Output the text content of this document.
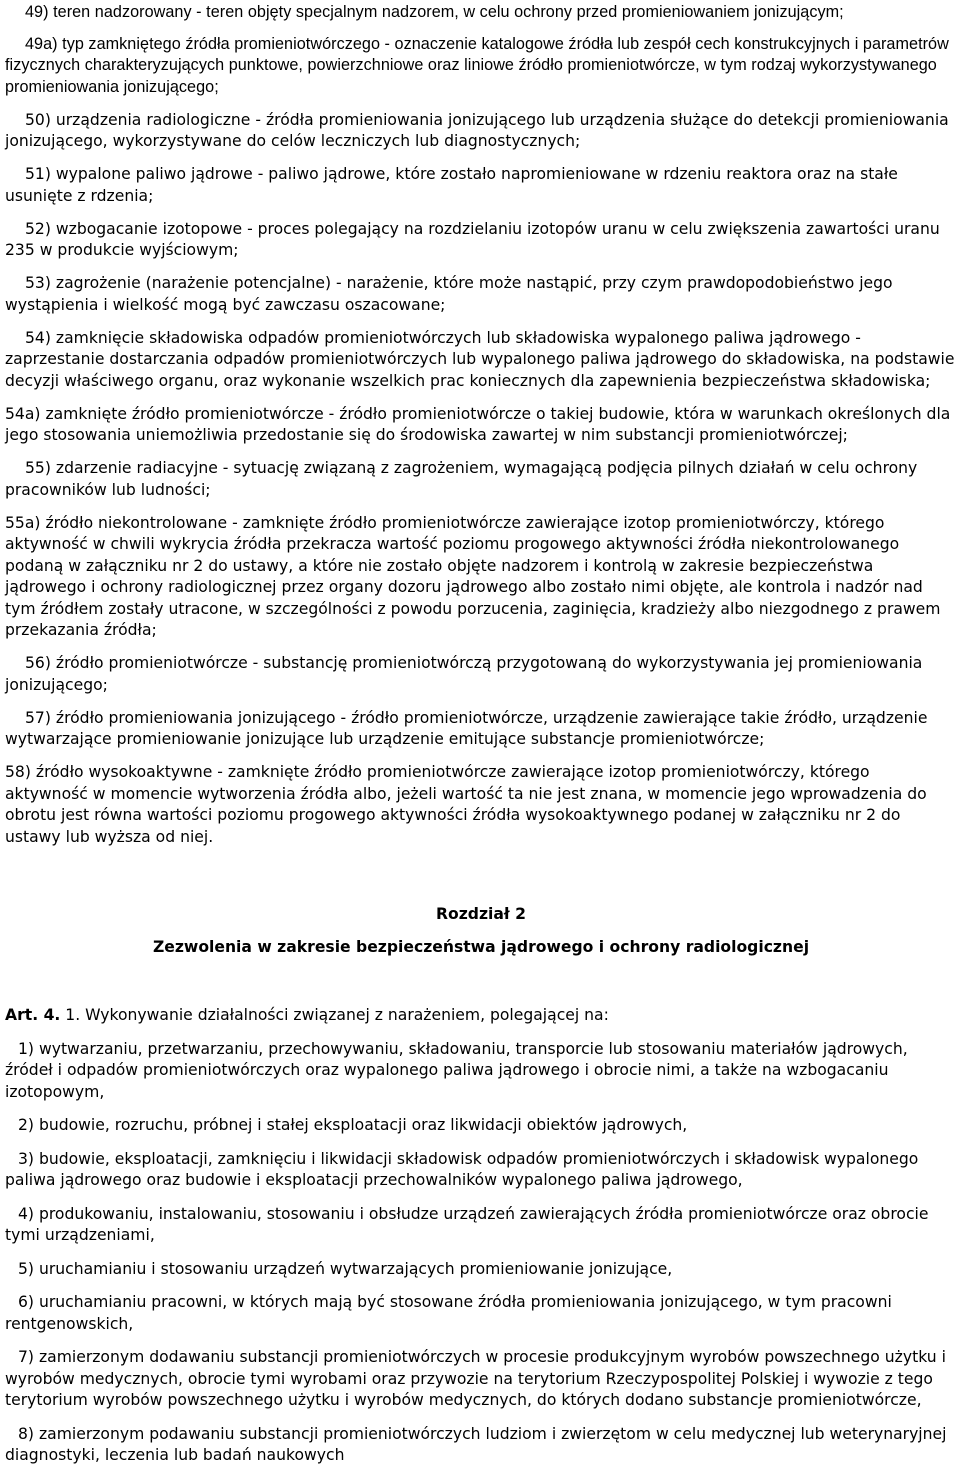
49) teren nadzorowany - teren objęty specjalnym nadzorem, w celu ochrony przed promieniowaniem jonizującym;

49a) typ zamkniętego źródła promieniotwórczego - oznaczenie katalogowe źródła lub zespół cech konstrukcyjnych i parametrów fizycznych charakteryzujących punktowe, powierzchniowe oraz liniowe źródło promieniotwórcze, w tym rodzaj wykorzystywanego promieniowania jonizującego;

50) urządzenia radiologiczne - źródła promieniowania jonizującego lub urządzenia służące do detekcji promieniowania jonizującego, wykorzystywane do celów leczniczych lub diagnostycznych;

51) wypalone paliwo jądrowe - paliwo jądrowe, które zostało napromieniowane w rdzeniu reaktora oraz na stałe usunięte z rdzenia;

52) wzbogacanie izotopowe - proces polegający na rozdzielaniu izotopów uranu w celu zwiększenia zawartości uranu 235 w produkcie wyjściowym;

53) zagrożenie (narażenie potencjalne) - narażenie, które może nastąpić, przy czym prawdopodobieństwo jego wystąpienia i wielkość mogą być zawczasu oszacowane;

54) zamknięcie składowiska odpadów promieniotwórczych lub składowiska wypalonego paliwa jądrowego - zaprzestanie dostarczania odpadów promieniotwórczych lub wypalonego paliwa jądrowego do składowiska, na podstawie decyzji właściwego organu, oraz wykonanie wszelkich prac koniecznych dla zapewnienia bezpieczeństwa składowiska;

54a) zamknięte źródło promieniotwórcze - źródło promieniotwórcze o takiej budowie, która w warunkach określonych dla jego stosowania uniemożliwia przedostanie się do środowiska zawartej w nim substancji promieniotwórczej;

55) zdarzenie radiacyjne - sytuację związaną z zagrożeniem, wymagającą podjęcia pilnych działań w celu ochrony pracowników lub ludności;

55a) źródło niekontrolowane - zamknięte źródło promieniotwórcze zawierające izotop promieniotwórczy, którego aktywność w chwili wykrycia źródła przekracza wartość poziomu progowego aktywności źródła niekontrolowanego podaną w załączniku nr 2 do ustawy, a które nie zostało objęte nadzorem i kontrolą w zakresie bezpieczeństwa jądrowego i ochrony radiologicznej przez organy dozoru jądrowego albo zostało nimi objęte, ale kontrola i nadzór nad tym źródłem zostały utracone, w szczególności z powodu porzucenia, zaginięcia, kradzieży albo niezgodnego z prawem przekazania źródła;

56) źródło promieniotwórcze - substancję promieniotwórczą przygotowaną do wykorzystywania jej promieniowania jonizującego;

57) źródło promieniowania jonizującego - źródło promieniotwórcze, urządzenie zawierające takie źródło, urządzenie wytwarzające promieniowanie jonizujące lub urządzenie emitujące substancje promieniotwórcze;

58) źródło wysokoaktywne - zamknięte źródło promieniotwórcze zawierające izotop promieniotwórczy, którego aktywność w momencie wytworzenia źródła albo, jeżeli wartość ta nie jest znana, w momencie jego wprowadzenia do obrotu jest równa wartości poziomu progowego aktywności źródła wysokoaktywnego podanej w załączniku nr 2 do ustawy lub wyższa od niej.

Rozdział 2

Zezwolenia w zakresie bezpieczeństwa jądrowego i ochrony radiologicznej

Art. 4. 1. Wykonywanie działalności związanej z narażeniem, polegającej na:

1) wytwarzaniu, przetwarzaniu, przechowywaniu, składowaniu, transporcie lub stosowaniu materiałów jądrowych, źródeł i odpadów promieniotwórczych oraz wypalonego paliwa jądrowego i obrocie nimi, a także na wzbogacaniu izotopowym,

2) budowie, rozruchu, próbnej i stałej eksploatacji oraz likwidacji obiektów jądrowych,

3) budowie, eksploatacji, zamknięciu i likwidacji składowisk odpadów promieniotwórczych i składowisk wypalonego paliwa jądrowego oraz budowie i eksploatacji przechowalników wypalonego paliwa jądrowego,

4) produkowaniu, instalowaniu, stosowaniu i obsłudze urządzeń zawierających źródła promieniotwórcze oraz obrocie tymi urządzeniami,

5) uruchamianiu i stosowaniu urządzeń wytwarzających promieniowanie jonizujące,

6) uruchamianiu pracowni, w których mają być stosowane źródła promieniowania jonizującego, w tym pracowni rentgenowskich,

7) zamierzonym dodawaniu substancji promieniotwórczych w procesie produkcyjnym wyrobów powszechnego użytku i wyrobów medycznych, obrocie tymi wyrobami oraz przywozie na terytorium Rzeczypospolitej Polskiej i wywozie z tego terytorium wyrobów powszechnego użytku i wyrobów medycznych, do których dodano substancje promieniotwórcze,

8) zamierzonym podawaniu substancji promieniotwórczych ludziom i zwierzętom w celu medycznej lub weterynaryjnej diagnostyki, leczenia lub badań naukowych
